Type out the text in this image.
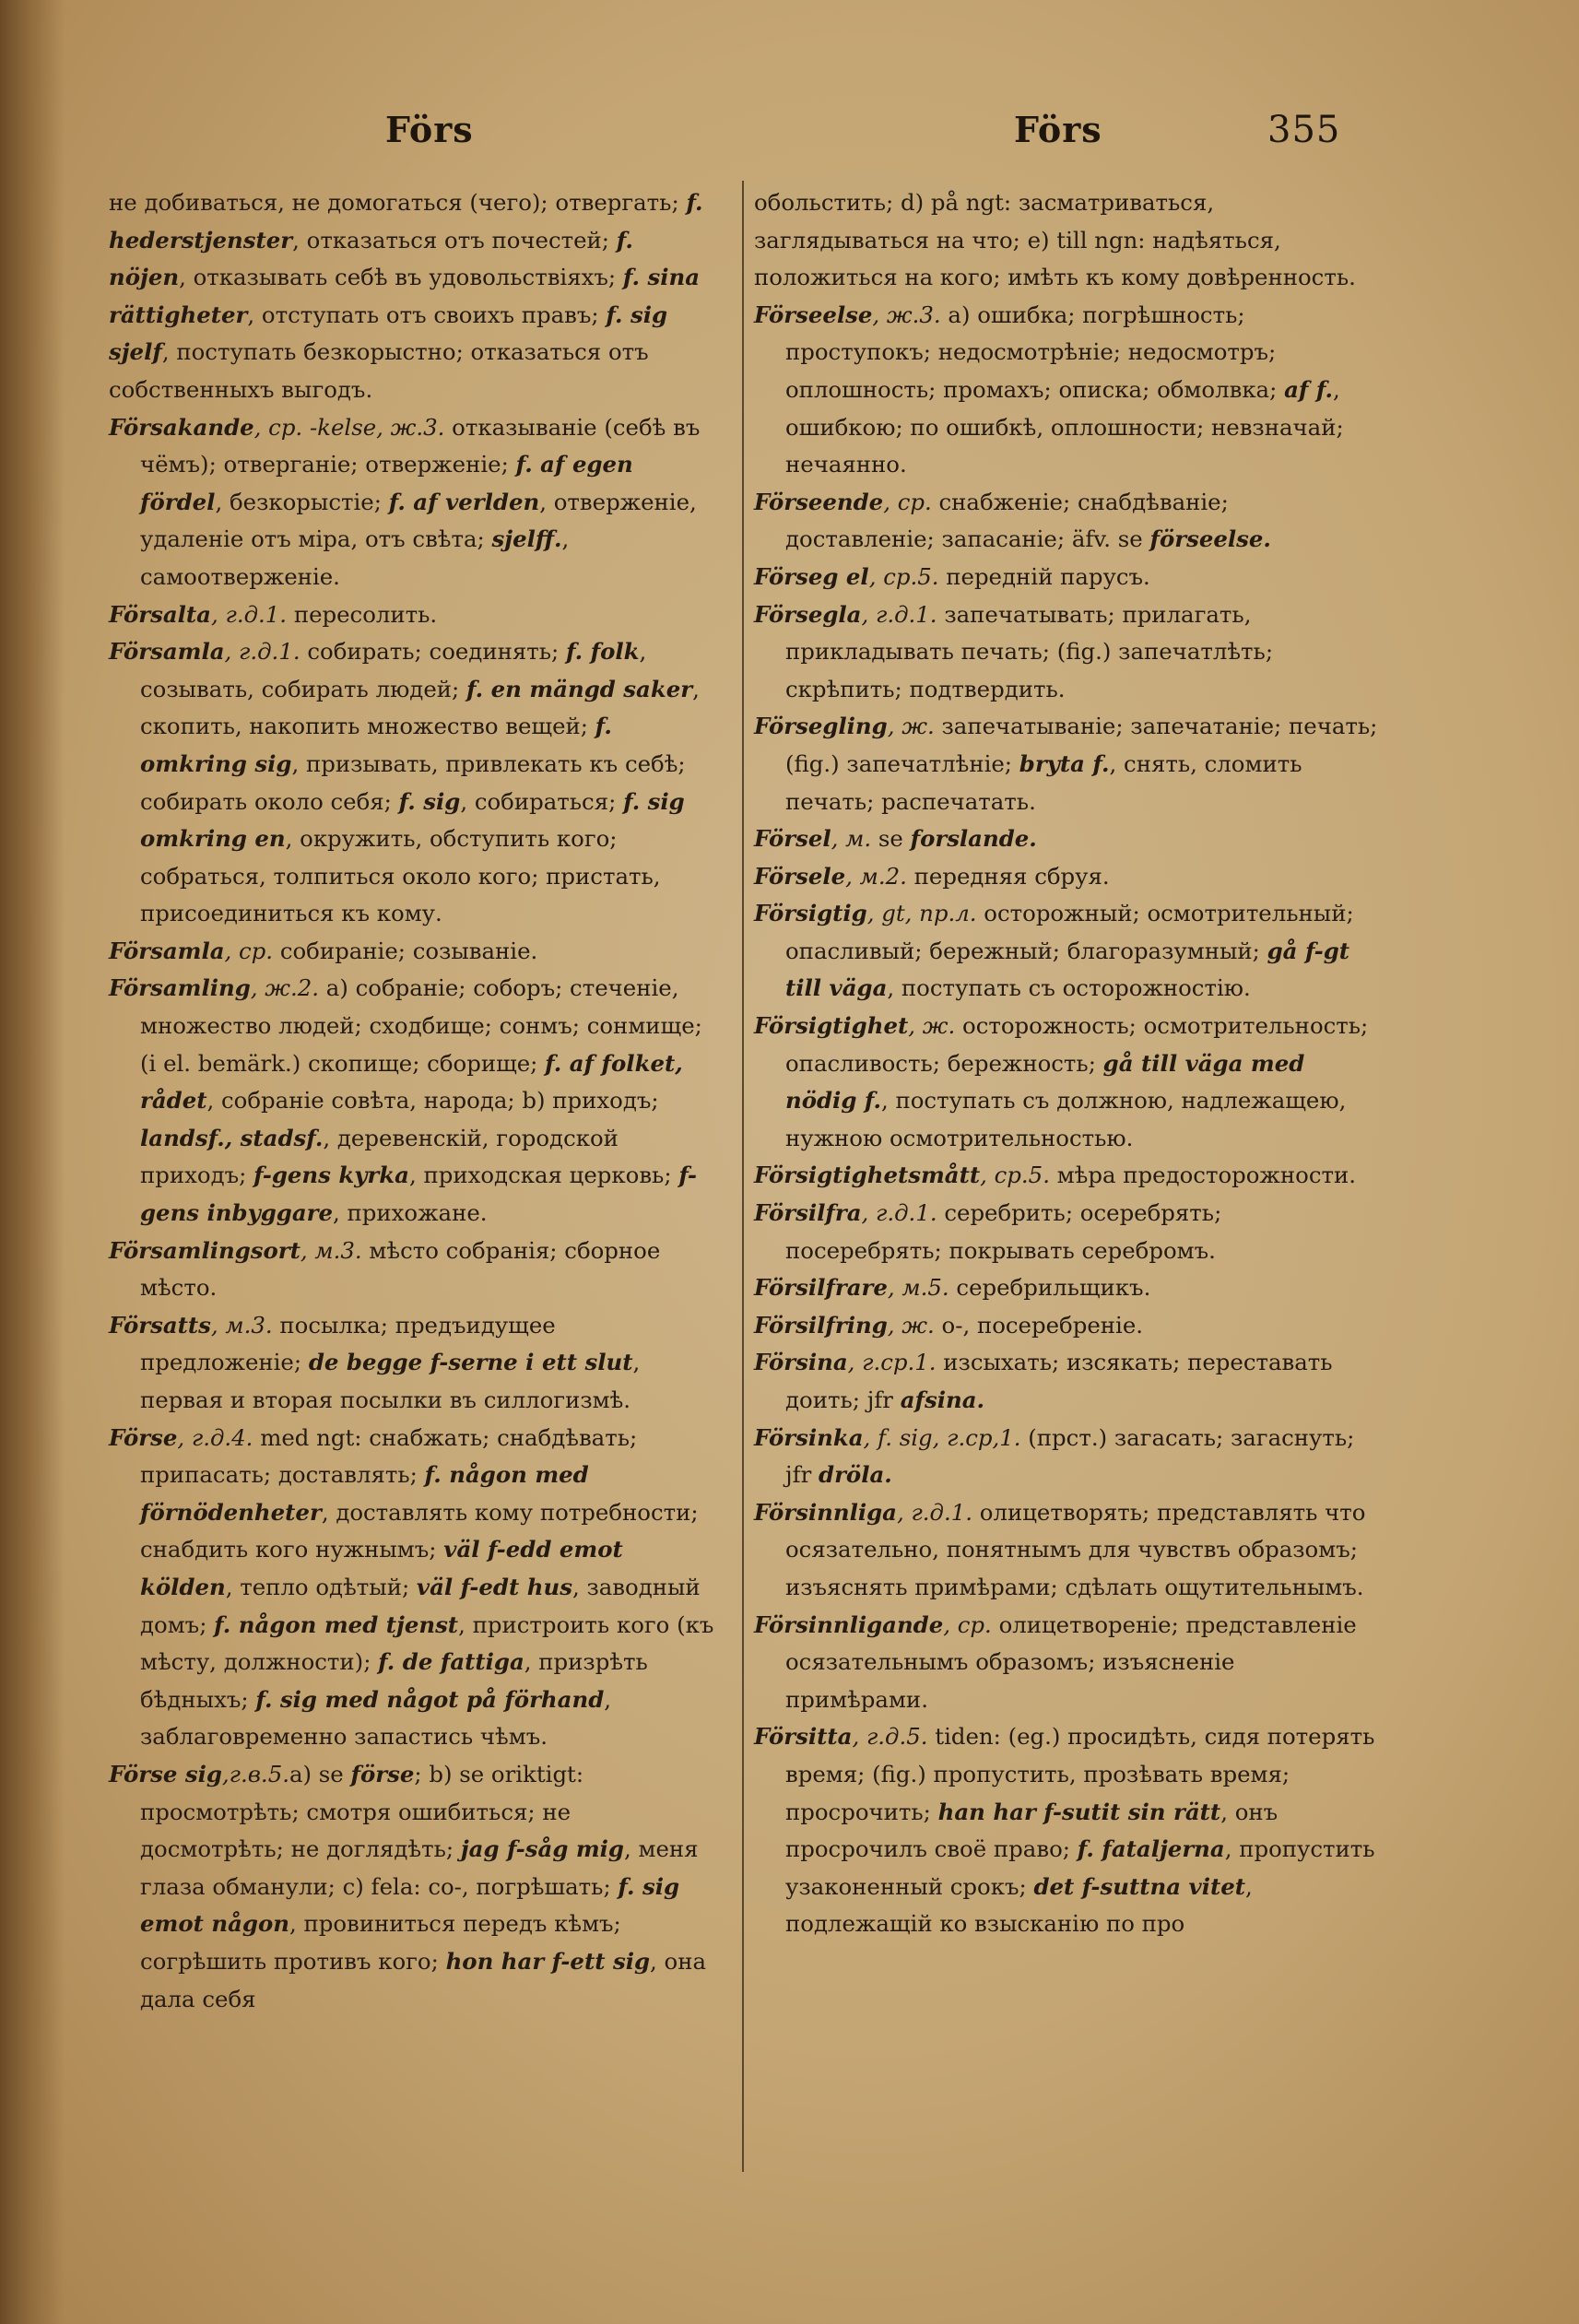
Förs	Förs	355

не добиваться, не домогаться (чего); отвергать; f. hederstjenster, отказаться отъ почестей; f. nöjen, отказывать себѣ въ удовольствіяхъ; f. sina rättigheter, отступать отъ своихъ правъ; f. sig sjelf, поступать безкорыстно; отказаться отъ собственныхъ выгодъ.

Försakande, ср. -kelse, ж.3. отказываніе (себѣ въ чёмъ); отверганіе; отверженіе; f. af egen fördel, безкорыстіе; f. af verlden, отверженіе, удаленіе отъ міра, отъ свѣта; sjelff., самоотверженіе.

Försalta, г.д.1. пересолить.

Församla, г.д.1. собирать; соединять; f. folk, созывать, собирать людей; f. en mängd saker, скопить, накопить множество вещей; f. omkring sig, призывать, привлекать къ себѣ; собирать около себя; f. sig, собираться; f. sig omkring en, окружить, обступить кого; собраться, толпиться около кого; пристать, присоединиться къ кому.

Församla, ср. собираніе; созываніе.

Församling, ж.2. a) собраніе; соборъ; стеченіе, множество людей; сходбище; сонмъ; сонмище; (i el. bemärk.) скопище; сборище; f. af folket, rådet, собраніе совѣта, народа; b) приходъ; landsf., stadsf., деревенскій, городской приходъ; f-gens kyrka, приходская церковь; f-gens inbyggare, прихожане.

Församlingsort, м.3. мѣсто собранія; сборное мѣсто.

Försatts, м.3. посылка; предъидущее предложеніе; de begge f-serne i ett slut, первая и вторая посылки въ силлогизмѣ.

Förse, г.д.4. med ngt: снабжать; снабдѣвать; припасать; доставлять; f. någon med förnödenheter, доставлять кому потребности; снабдить кого нужнымъ; väl f-edd emot kölden, тепло одѣтый; väl f-edt hus, заводный домъ; f. någon med tjenst, пристроить кого (къ мѣсту, должности); f. de fattiga, призрѣть бѣдныхъ; f. sig med något på förhand, заблаговременно запастись чѣмъ.

Förse sig,г.в.5.a) se förse; b) se oriktigt: просмотрѣть; смотря ошибиться; не досмотрѣть; не доглядѣть; jag f-såg mig, меня глаза обманули; c) fela: со-, погрѣшать; f. sig emot någon, провиниться передъ кѣмъ; согрѣшить противъ кого; hon har f-ett sig, она дала себя

обольстить; d) på ngt: засматриваться, заглядываться на что; e) till ngn: надѣяться, положиться на кого; имѣть къ кому довѣренность.

Förseelse, ж.3. a) ошибка; погрѣшность; проступокъ; недосмотрѣніе; недосмотръ; оплошность; промахъ; описка; обмолвка; af f., ошибкою; по ошибкѣ, оплошности; невзначай; нечаянно.

Förseende, ср. снабженіе; снабдѣваніе; доставленіе; запасаніе; äfv. se förseelse.

Förseg el, ср.5. передній парусъ.

Försegla, г.д.1. запечатывать; прилагать, прикладывать печать; (fig.) запечатлѣть; скрѣпить; подтвердить.

Försegling, ж. запечатываніе; запечатаніе; печать; (fig.) запечатлѣніе; bryta f., снять, сломить печать; распечатать.

Försel, м. se forslande.

Försele, м.2. передняя сбруя.

Försigtig, gt, пр.л. осторожный; осмотрительный; опасливый; бережный; благоразумный; gå f-gt till väga, поступать съ осторожностію.

Försigtighet, ж. осторожность; осмотрительность; опасливость; бережность; gå till väga med nödig f., поступать съ должною, надлежащею, нужною осмотрительностью.

Försigtighetsmått, ср.5. мѣра предосторожности.

Försilfra, г.д.1. серебрить; осеребрять; посеребрять; покрывать серебромъ.

Försilfrare, м.5. серебрильщикъ.

Försilfring, ж. о-, посеребреніе.

Försina, г.ср.1. изсыхать; изсякать; переставать доить; jfr afsina.

Försinka, f. sig, г.ср,1. (прст.) загасать; загаснуть; jfr dröla.

Försinnliga, г.д.1. олицетворять; представлять что осязательно, понятнымъ для чувствъ образомъ; изъяснять примѣрами; сдѣлать ощутительнымъ.

Försinnligande, ср. олицетвореніе; представленіе осязательнымъ образомъ; изъясненіе примѣрами.

Försitta, г.д.5. tiden: (eg.) просидѣть, сидя потерять время; (fig.) пропустить, прозѣвать время; просрочить; han har f-sutit sin rätt, онъ просрочилъ своё право; f. fataljerna, пропустить узаконенный срокъ; det f-suttna vitet, подлежащій ко взысканію по про
